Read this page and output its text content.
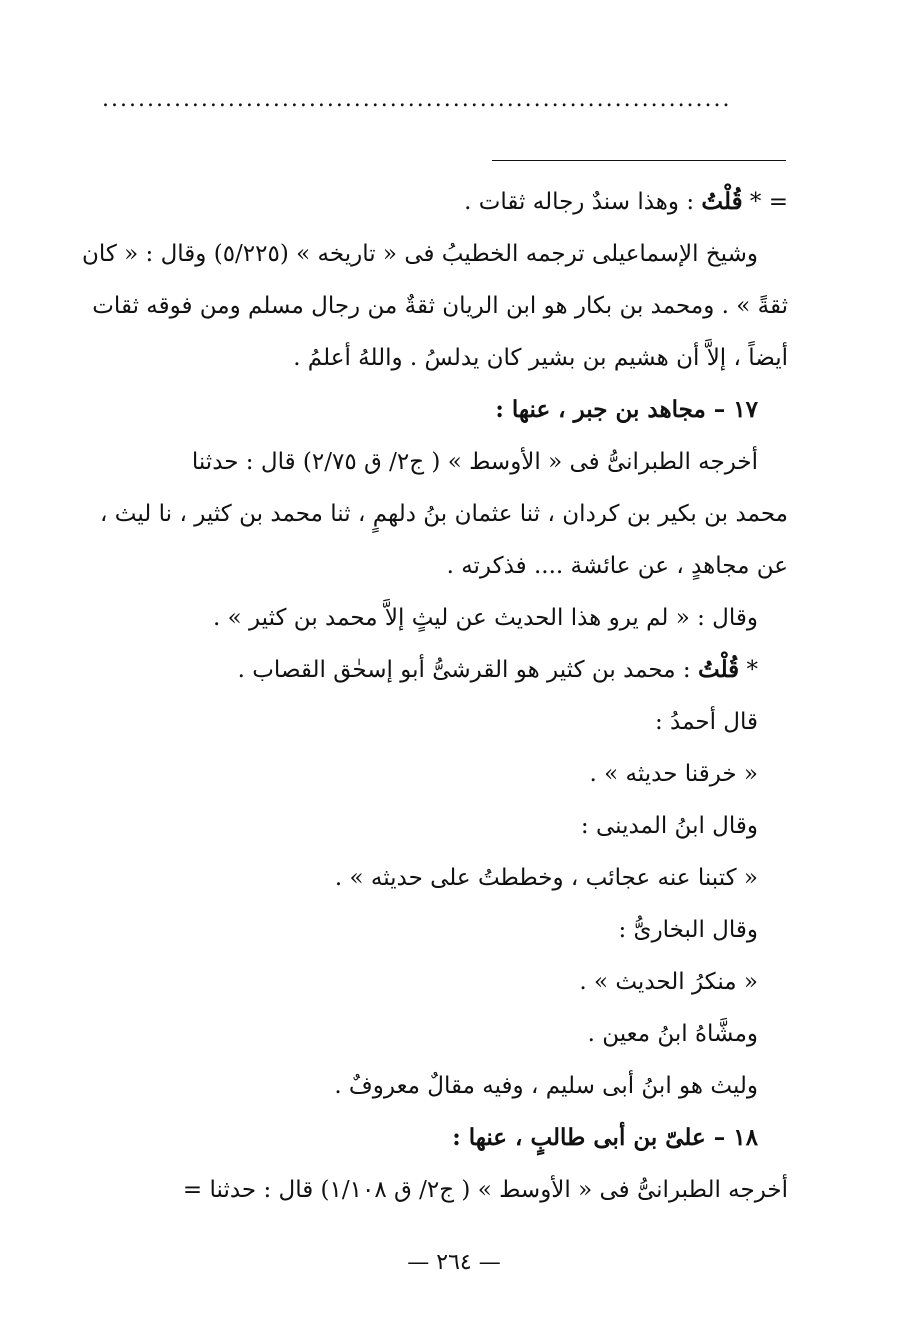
......................................................................
= * قُلْتُ : وهذا سندٌ رجاله ثقات .
وشيخ الإسماعيلى ترجمه الخطيبُ فى « تاريخه » (٥/٢٢٥) وقال : « كان
ثقةً » . ومحمد بن بكار هو ابن الريان ثقةٌ من رجال مسلم ومن فوقه ثقات
أيضاً ، إلاَّ أن هشيم بن بشير كان يدلسُ . واللهُ أعلمُ .
١٧ – مجاهد بن جبر ، عنها :
أخرجه الطبرانىُّ فى « الأوسط » ( ج٢/ ق ٢/٧٥) قال : حدثنا
محمد بن بكير بن كردان ، ثنا عثمان بنُ دلهمٍ ، ثنا محمد بن كثير ، نا ليث ،
عن مجاهدٍ ، عن عائشة .... فذكرته .
وقال : « لم يرو هذا الحديث عن ليثٍ إلاَّ محمد بن كثير » .
* قُلْتُ : محمد بن كثير هو القرشىُّ أبو إسحٰق القصاب .
قال أحمدُ :
« خرقنا حديثه » .
وقال ابنُ المدينى :
« كتبنا عنه عجائب ، وخططتُ على حديثه » .
وقال البخارىُّ :
« منكرُ الحديث » .
ومشَّاهُ ابنُ معين .
وليث هو ابنُ أبى سليم ، وفيه مقالٌ معروفٌ .
١٨ – علىّ بن أبى طالبٍ ، عنها :
أخرجه الطبرانىُّ فى « الأوسط » ( ج٢/ ق ١/١٠٨) قال : حدثنا =
— ٢٦٤ —
